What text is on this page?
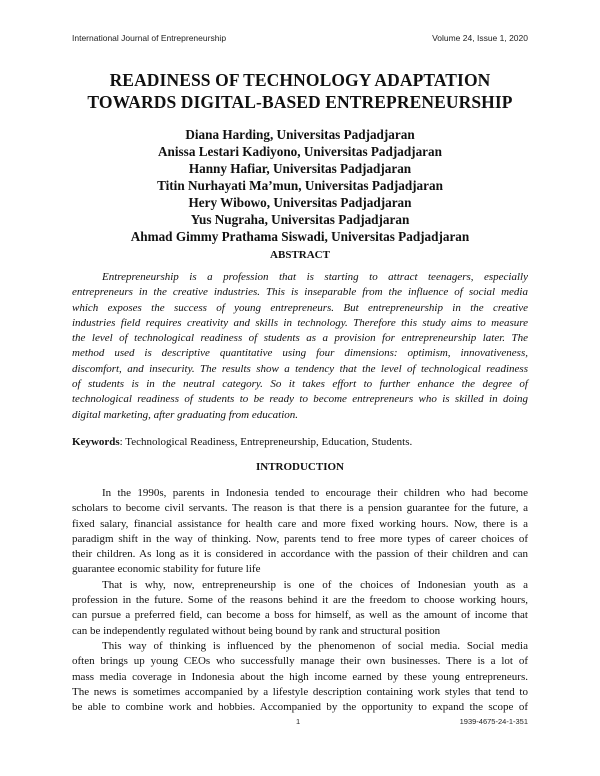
International Journal of Entrepreneurship	Volume 24, Issue 1, 2020
READINESS OF TECHNOLOGY ADAPTATION
TOWARDS DIGITAL-BASED ENTREPRENEURSHIP
Diana Harding, Universitas Padjadjaran
Anissa Lestari Kadiyono, Universitas Padjadjaran
Hanny Hafiar, Universitas Padjadjaran
Titin Nurhayati Ma’mun, Universitas Padjadjaran
Hery Wibowo, Universitas Padjadjaran
Yus Nugraha, Universitas Padjadjaran
Ahmad Gimmy Prathama Siswadi, Universitas Padjadjaran
ABSTRACT
Entrepreneurship is a profession that is starting to attract teenagers, especially
entrepreneurs in the creative industries. This is inseparable from the influence of social media
which exposes the success of young entrepreneurs. But entrepreneurship in the creative
industries field requires creativity and skills in technology. Therefore this study aims to measure
the level of technological readiness of students as a provision for entrepreneurship later. The
method used is descriptive quantitative using four dimensions: optimism, innovativeness,
discomfort, and insecurity. The results show a tendency that the level of technological readiness
of students is in the neutral category. So it takes effort to further enhance the degree of
technological readiness of students to be ready to become entrepreneurs who is skilled in doing
digital marketing, after graduating from education.
Keywords: Technological Readiness, Entrepreneurship, Education, Students.
INTRODUCTION
In the 1990s, parents in Indonesia tended to encourage their children who had become
scholars to become civil servants. The reason is that there is a pension guarantee for the future, a
fixed salary, financial assistance for health care and more fixed working hours. Now, there is a
paradigm shift in the way of thinking. Now, parents tend to free more types of career choices of
their children. As long as it is considered in accordance with the passion of their children and can
guarantee economic stability for future life
That is why, now, entrepreneurship is one of the choices of Indonesian youth as a
profession in the future. Some of the reasons behind it are the freedom to choose working hours,
can pursue a preferred field, can become a boss for himself, as well as the amount of income that
can be independently regulated without being bound by rank and structural position
This way of thinking is influenced by the phenomenon of social media. Social media
often brings up young CEOs who successfully manage their own businesses. There is a lot of
mass media coverage in Indonesia about the high income earned by these young entrepreneurs.
The news is sometimes accompanied by a lifestyle description containing work styles that tend to
be able to combine work and hobbies. Accompanied by the opportunity to expand the scope of
1	1939-4675-24-1-351
